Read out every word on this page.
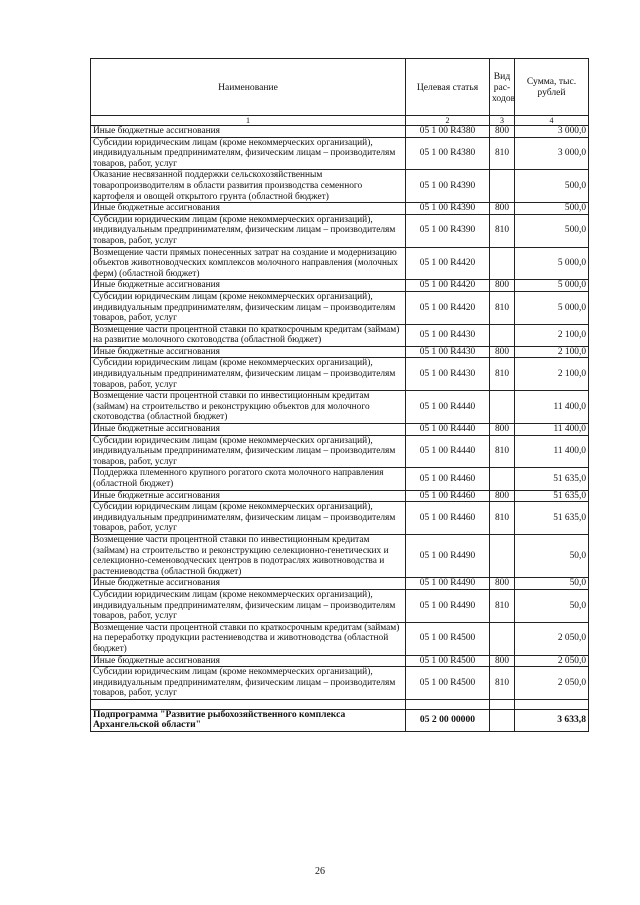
Наименование	Целевая статья	Вид рас-ходов	Сумма, тыс. рублей
1	2	3	4
Иные бюджетные ассигнования	05 1 00 R4380	800	3 000,0
Субсидии юридическим лицам (кроме некоммерческих организаций), индивидуальным предпринимателям, физическим лицам – производителям товаров, работ, услуг	05 1 00 R4380	810	3 000,0
Оказание несвязанной поддержки сельскохозяйственным товаропроизводителям в области развития производства семенного картофеля и овощей открытого грунта (областной бюджет)	05 1 00 R4390		500,0
Иные бюджетные ассигнования	05 1 00 R4390	800	500,0
Субсидии юридическим лицам (кроме некоммерческих организаций), индивидуальным предпринимателям, физическим лицам – производителям товаров, работ, услуг	05 1 00 R4390	810	500,0
Возмещение части прямых понесенных затрат на создание и модернизацию объектов животноводческих комплексов молочного направления (молочных ферм) (областной бюджет)	05 1 00 R4420		5 000,0
Иные бюджетные ассигнования	05 1 00 R4420	800	5 000,0
Субсидии юридическим лицам (кроме некоммерческих организаций), индивидуальным предпринимателям, физическим лицам – производителям товаров, работ, услуг	05 1 00 R4420	810	5 000,0
Возмещение части процентной ставки по краткосрочным кредитам (займам) на развитие молочного скотоводства (областной бюджет)	05 1 00 R4430		2 100,0
Иные бюджетные ассигнования	05 1 00 R4430	800	2 100,0
Субсидии юридическим лицам (кроме некоммерческих организаций), индивидуальным предпринимателям, физическим лицам – производителям товаров, работ, услуг	05 1 00 R4430	810	2 100,0
Возмещение части процентной ставки по инвестиционным кредитам (займам) на строительство и реконструкцию объектов для молочного скотоводства (областной бюджет)	05 1 00 R4440		11 400,0
Иные бюджетные ассигнования	05 1 00 R4440	800	11 400,0
Субсидии юридическим лицам (кроме некоммерческих организаций), индивидуальным предпринимателям, физическим лицам – производителям товаров, работ, услуг	05 1 00 R4440	810	11 400,0
Поддержка племенного крупного рогатого скота молочного направления (областной бюджет)	05 1 00 R4460		51 635,0
Иные бюджетные ассигнования	05 1 00 R4460	800	51 635,0
Субсидии юридическим лицам (кроме некоммерческих организаций), индивидуальным предпринимателям, физическим лицам – производителям товаров, работ, услуг	05 1 00 R4460	810	51 635,0
Возмещение части процентной ставки по инвестиционным кредитам (займам) на строительство и реконструкцию селекционно-генетических и селекционно-семеноводческих центров в подотраслях животноводства и растениеводства (областной бюджет)	05 1 00 R4490		50,0
Иные бюджетные ассигнования	05 1 00 R4490	800	50,0
Субсидии юридическим лицам (кроме некоммерческих организаций), индивидуальным предпринимателям, физическим лицам – производителям товаров, работ, услуг	05 1 00 R4490	810	50,0
Возмещение части процентной ставки по краткосрочным кредитам (займам) на переработку продукции растениеводства и животноводства (областной бюджет)	05 1 00 R4500		2 050,0
Иные бюджетные ассигнования	05 1 00 R4500	800	2 050,0
Субсидии юридическим лицам (кроме некоммерческих организаций), индивидуальным предпринимателям, физическим лицам – производителям товаров, работ, услуг	05 1 00 R4500	810	2 050,0

Подпрограмма "Развитие рыбохозяйственного комплекса Архангельской области"	05 2 00 00000		3 633,8
26
